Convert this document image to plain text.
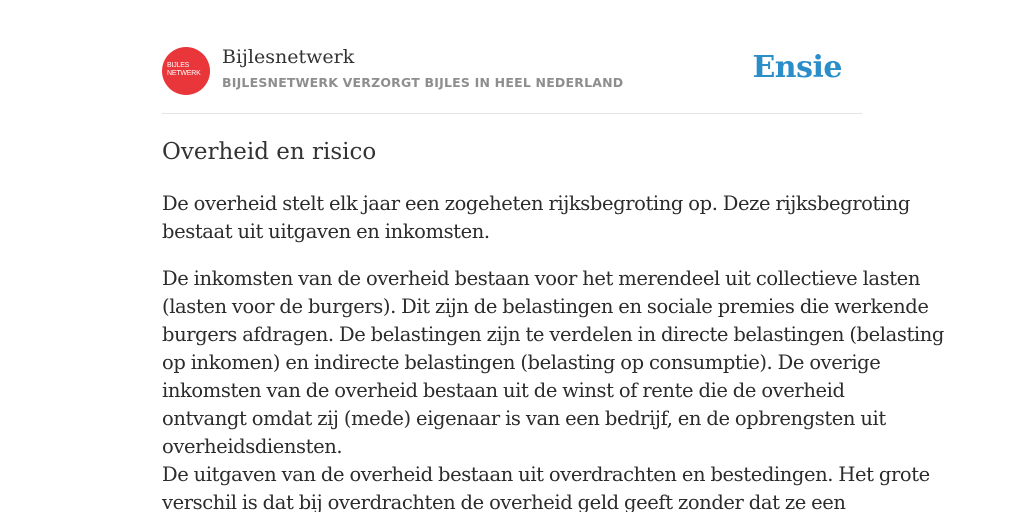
BIJLES
NETWERK
Bijlesnetwerk
BIJLESNETWERK VERZORGT BIJLES IN HEEL NEDERLAND	Ensie
Overheid en risico

De overheid stelt elk jaar een zogeheten rijksbegroting op. Deze rijksbegroting
bestaat uit uitgaven en inkomsten.

De inkomsten van de overheid bestaan voor het merendeel uit collectieve lasten
(lasten voor de burgers). Dit zijn de belastingen en sociale premies die werkende
burgers afdragen. De belastingen zijn te verdelen in directe belastingen (belasting
op inkomen) en indirecte belastingen (belasting op consumptie). De overige
inkomsten van de overheid bestaan uit de winst of rente die de overheid
ontvangt omdat zij (mede) eigenaar is van een bedrijf, en de opbrengsten uit
overheidsdiensten.
De uitgaven van de overheid bestaan uit overdrachten en bestedingen. Het grote
verschil is dat bij overdrachten de overheid geld geeft zonder dat ze een
